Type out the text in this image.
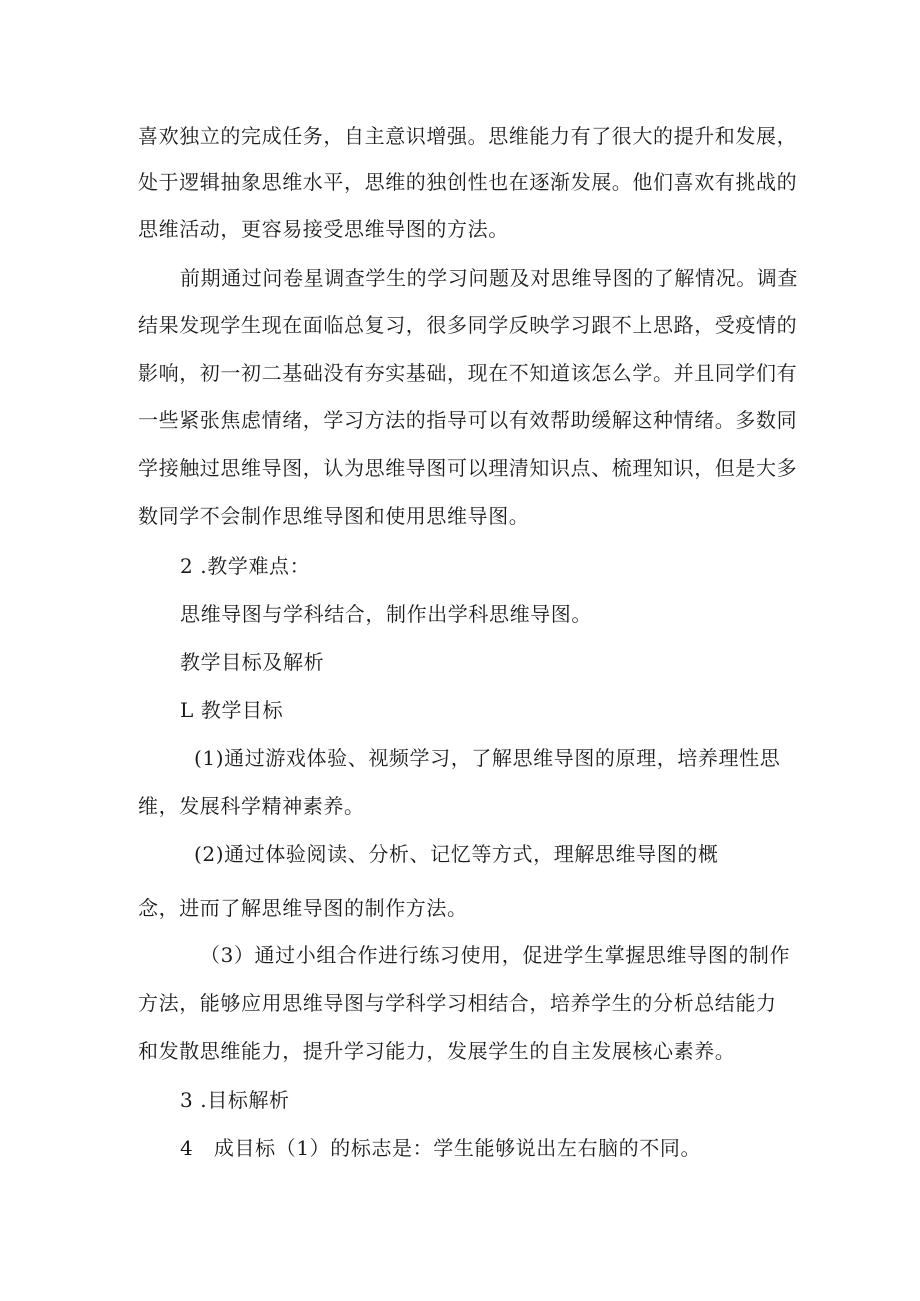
喜欢独立的完成任务，自主意识增强。思维能力有了很大的提升和发展，
处于逻辑抽象思维水平，思维的独创性也在逐渐发展。他们喜欢有挑战的
思维活动，更容易接受思维导图的方法。
前期通过问卷星调查学生的学习问题及对思维导图的了解情况。调查
结果发现学生现在面临总复习，很多同学反映学习跟不上思路，受疫情的
影响，初一初二基础没有夯实基础，现在不知道该怎么学。并且同学们有
一些紧张焦虑情绪，学习方法的指导可以有效帮助缓解这种情绪。多数同
学接触过思维导图，认为思维导图可以理清知识点、梳理知识，但是大多
数同学不会制作思维导图和使用思维导图。
2 .教学难点：
思维导图与学科结合，制作出学科思维导图。
教学目标及解析
L 教学目标
(1)通过游戏体验、视频学习，了解思维导图的原理，培养理性思
维，发展科学精神素养。
(2)通过体验阅读、分析、记忆等方式，理解思维导图的概
念，进而了解思维导图的制作方法。
（3）通过小组合作进行练习使用，促进学生掌握思维导图的制作
方法，能够应用思维导图与学科学习相结合，培养学生的分析总结能力
和发散思维能力，提升学习能力，发展学生的自主发展核心素养。
3 .目标解析
4　成目标（1）的标志是：学生能够说出左右脑的不同。
